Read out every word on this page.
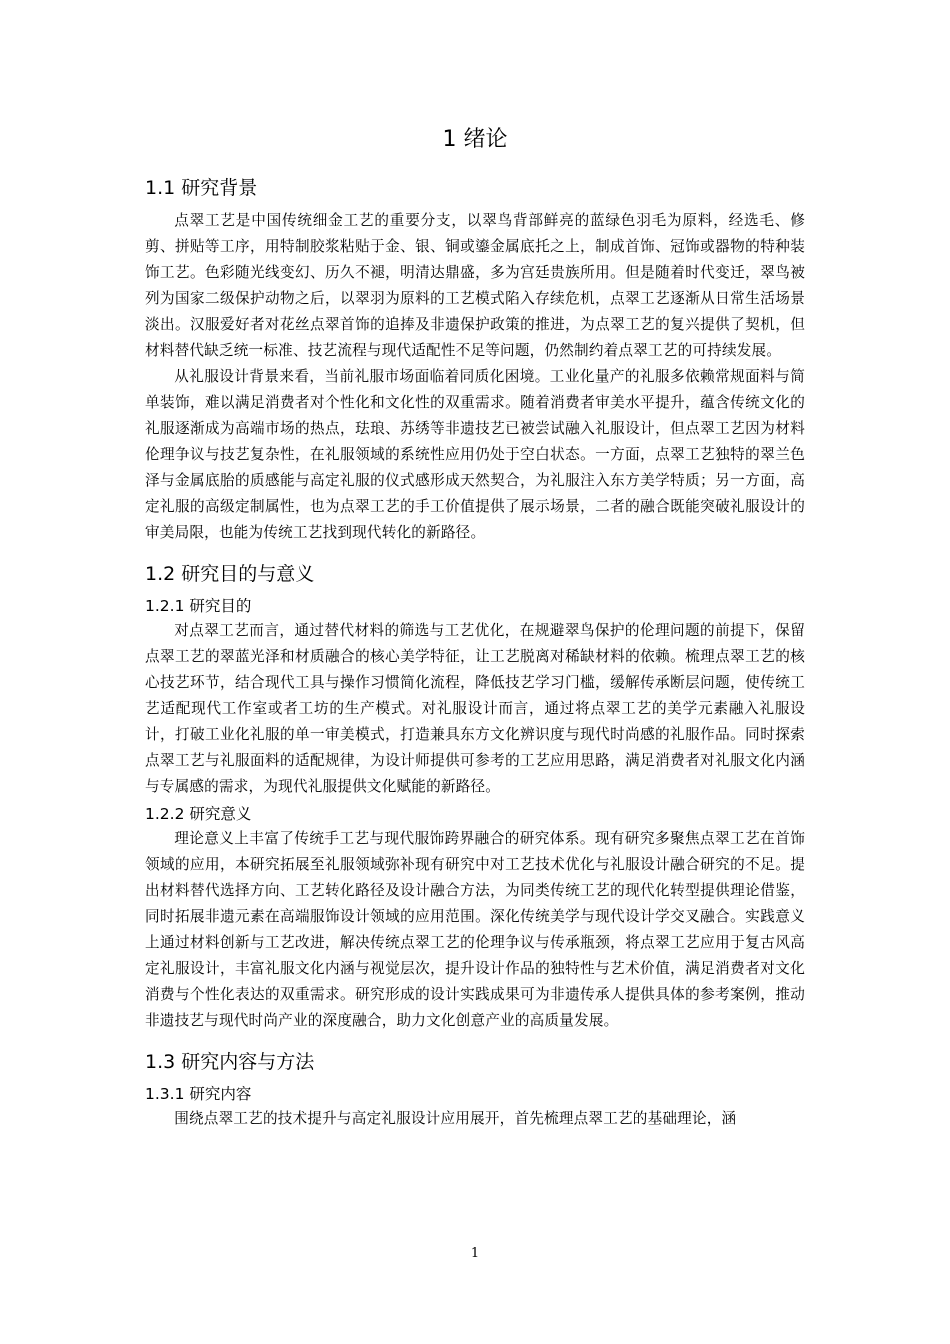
1 绪论
1.1 研究背景

点翠工艺是中国传统细金工艺的重要分支，以翠鸟背部鲜亮的蓝绿色羽毛为原料，经选毛、修剪、拼贴等工序，用特制胶浆粘贴于金、银、铜或鎏金属底托之上，制成首饰、冠饰或器物的特种装饰工艺。色彩随光线变幻、历久不褪，明清达鼎盛，多为宫廷贵族所用。但是随着时代变迁，翠鸟被列为国家二级保护动物之后，以翠羽为原料的工艺模式陷入存续危机，点翠工艺逐渐从日常生活场景淡出。汉服爱好者对花丝点翠首饰的追捧及非遗保护政策的推进，为点翠工艺的复兴提供了契机，但材料替代缺乏统一标准、技艺流程与现代适配性不足等问题，仍然制约着点翠工艺的可持续发展。

从礼服设计背景来看，当前礼服市场面临着同质化困境。工业化量产的礼服多依赖常规面料与简单装饰，难以满足消费者对个性化和文化性的双重需求。随着消费者审美水平提升，蕴含传统文化的礼服逐渐成为高端市场的热点，珐琅、苏绣等非遗技艺已被尝试融入礼服设计，但点翠工艺因为材料伦理争议与技艺复杂性，在礼服领域的系统性应用仍处于空白状态。一方面，点翠工艺独特的翠兰色泽与金属底胎的质感能与高定礼服的仪式感形成天然契合，为礼服注入东方美学特质；另一方面，高定礼服的高级定制属性，也为点翠工艺的手工价值提供了展示场景，二者的融合既能突破礼服设计的审美局限，也能为传统工艺找到现代转化的新路径。

1.2 研究目的与意义
1.2.1 研究目的

对点翠工艺而言，通过替代材料的筛选与工艺优化，在规避翠鸟保护的伦理问题的前提下，保留点翠工艺的翠蓝光泽和材质融合的核心美学特征，让工艺脱离对稀缺材料的依赖。梳理点翠工艺的核心技艺环节，结合现代工具与操作习惯简化流程，降低技艺学习门槛，缓解传承断层问题，使传统工艺适配现代工作室或者工坊的生产模式。对礼服设计而言，通过将点翠工艺的美学元素融入礼服设计，打破工业化礼服的单一审美模式，打造兼具东方文化辨识度与现代时尚感的礼服作品。同时探索点翠工艺与礼服面料的适配规律，为设计师提供可参考的工艺应用思路，满足消费者对礼服文化内涵与专属感的需求，为现代礼服提供文化赋能的新路径。

1.2.2 研究意义

理论意义上丰富了传统手工艺与现代服饰跨界融合的研究体系。现有研究多聚焦点翠工艺在首饰领域的应用，本研究拓展至礼服领域弥补现有研究中对工艺技术优化与礼服设计融合研究的不足。提出材料替代选择方向、工艺转化路径及设计融合方法，为同类传统工艺的现代化转型提供理论借鉴，同时拓展非遗元素在高端服饰设计领域的应用范围。深化传统美学与现代设计学交叉融合。实践意义上通过材料创新与工艺改进，解决传统点翠工艺的伦理争议与传承瓶颈，将点翠工艺应用于复古风高定礼服设计，丰富礼服文化内涵与视觉层次，提升设计作品的独特性与艺术价值，满足消费者对文化消费与个性化表达的双重需求。研究形成的设计实践成果可为非遗传承人提供具体的参考案例，推动非遗技艺与现代时尚产业的深度融合，助力文化创意产业的高质量发展。

1.3 研究内容与方法
1.3.1 研究内容

围绕点翠工艺的技术提升与高定礼服设计应用展开，首先梳理点翠工艺的基础理论，涵

1
